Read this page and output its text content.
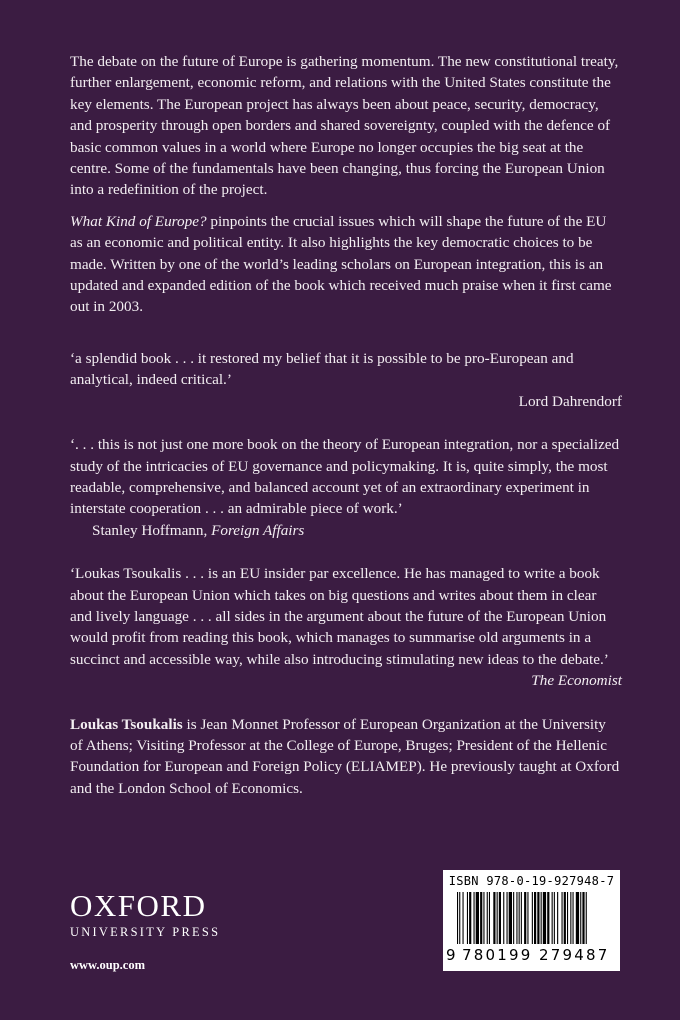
The debate on the future of Europe is gathering momentum. The new constitutional treaty, further enlargement, economic reform, and relations with the United States constitute the key elements. The European project has always been about peace, security, democracy, and prosperity through open borders and shared sovereignty, coupled with the defence of basic common values in a world where Europe no longer occupies the big seat at the centre. Some of the fundamentals have been changing, thus forcing the European Union into a redefinition of the project.

What Kind of Europe? pinpoints the crucial issues which will shape the future of the EU as an economic and political entity. It also highlights the key democratic choices to be made. Written by one of the world’s leading scholars on European integration, this is an updated and expanded edition of the book which received much praise when it first came out in 2003.

‘a splendid book . . . it restored my belief that it is possible to be pro-European and analytical, indeed critical.’

Lord Dahrendorf

‘. . . this is not just one more book on the theory of European integration, nor a specialized study of the intricacies of EU governance and policymaking. It is, quite simply, the most readable, comprehensive, and balanced account yet of an extraordinary experiment in interstate cooperation . . . an admirable piece of work.’Stanley Hoffmann, Foreign Affairs

‘Loukas Tsoukalis . . . is an EU insider par excellence. He has managed to write a book about the European Union which takes on big questions and writes about them in clear and lively language . . . all sides in the argument about the future of the European Union would profit from reading this book, which manages to summarise old arguments in a succinct and accessible way, while also introducing stimulating new ideas to the debate.’

The Economist

Loukas Tsoukalis is Jean Monnet Professor of European Organization at the University of Athens; Visiting Professor at the College of Europe, Bruges; President of the Hellenic Foundation for European and Foreign Policy (ELIAMEP). He previously taught at Oxford and the London School of Economics.

OXFORD
UNIVERSITY PRESS
www.oup.com
ISBN 978-0-19-927948-7
9 780199 279487
